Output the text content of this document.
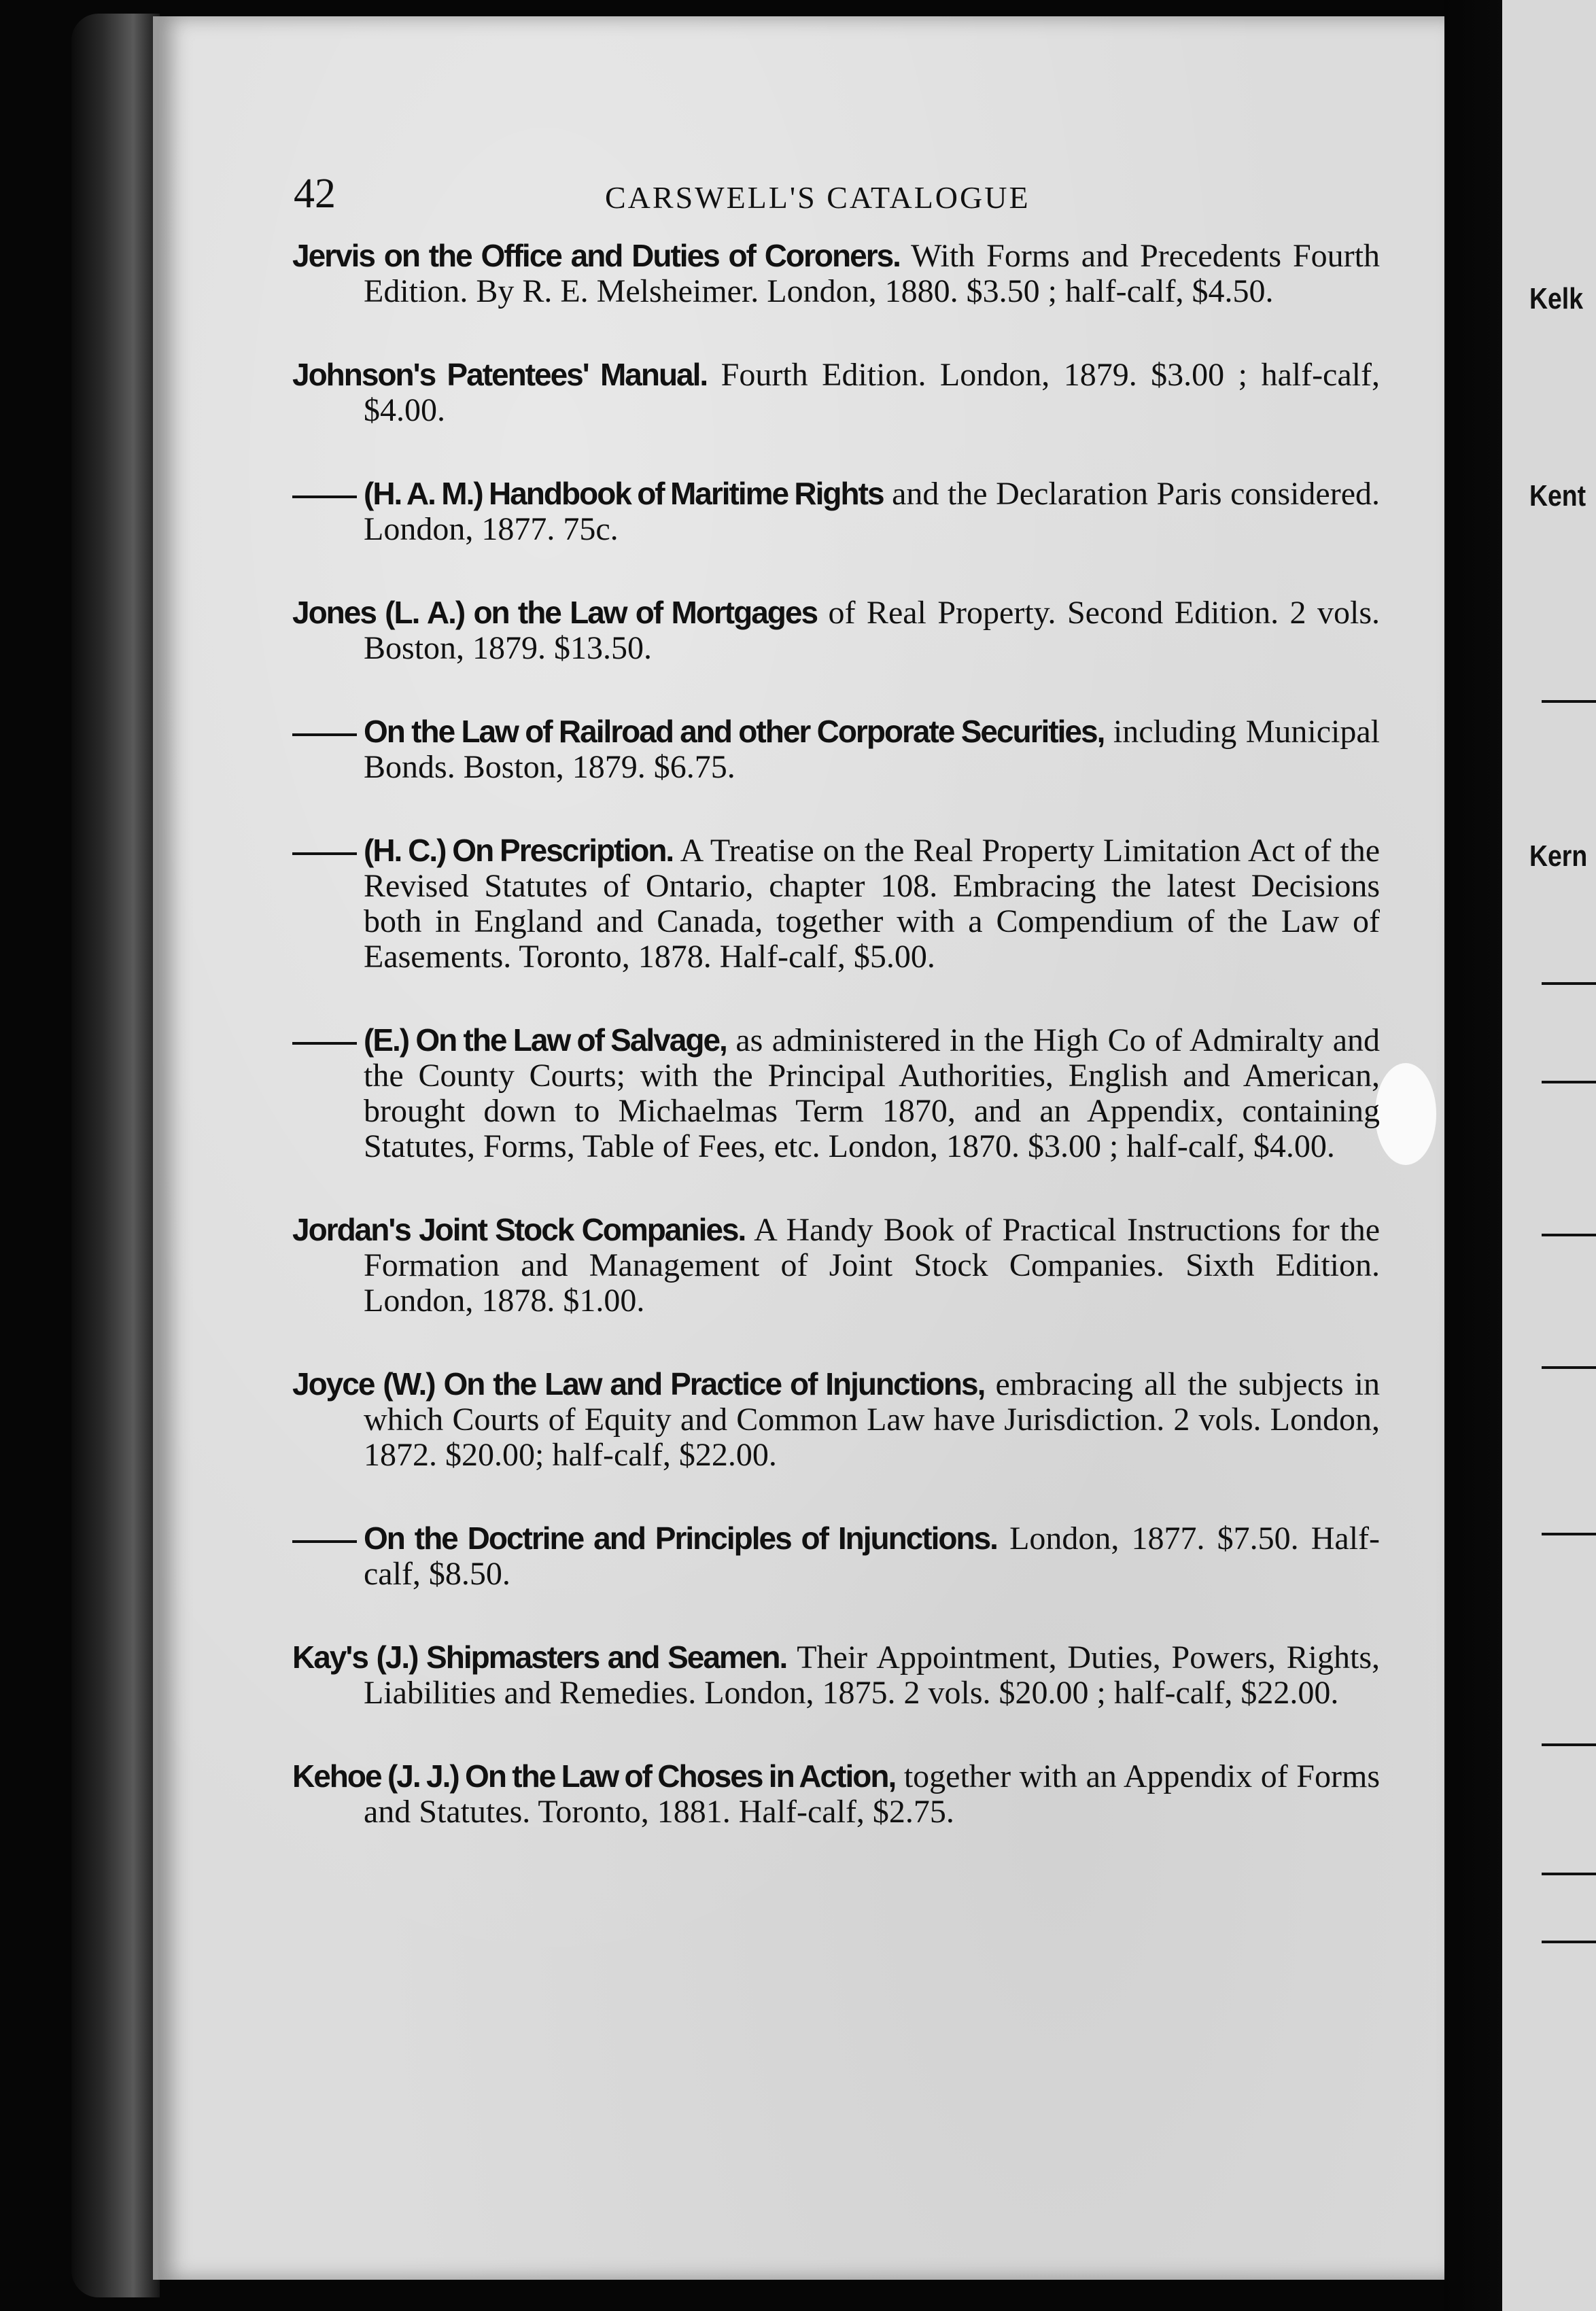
Kelk
Kent
Kern
42	CARSWELL'S CATALOGUE
Jervis on the Office and Duties of Coroners. With Forms and Precedents Fourth Edition. By R. E. Melsheimer. London, 1880. $3.50 ; half-calf, $4.50.
Johnson's Patentees' Manual. Fourth Edition. London, 1879. $3.00 ; half-calf, $4.00.
(H. A. M.) Handbook of Maritime Rights and the Declaration Paris considered. London, 1877. 75c.
Jones (L. A.) on the Law of Mortgages of Real Property. Second Edition. 2 vols. Boston, 1879. $13.50.
On the Law of Railroad and other Corporate Securities, including Municipal Bonds. Boston, 1879. $6.75.
(H. C.) On Prescription. A Treatise on the Real Property Limitation Act of the Revised Statutes of Ontario, chapter 108. Embracing the latest Decisions both in England and Canada, together with a Compendium of the Law of Easements. Toronto, 1878. Half-calf, $5.00.
(E.) On the Law of Salvage, as administered in the High Co of Admiralty and the County Courts; with the Principal Authorities, English and American, brought down to Michaelmas Term 1870, and an Appendix, containing Statutes, Forms, Table of Fees, etc. London, 1870. $3.00 ; half-calf, $4.00.
Jordan's Joint Stock Companies. A Handy Book of Practical Instructions for the Formation and Management of Joint Stock Companies. Sixth Edition. London, 1878. $1.00.
Joyce (W.) On the Law and Practice of Injunctions, embracing all the subjects in which Courts of Equity and Common Law have Jurisdiction. 2 vols. London, 1872. $20.00; half-calf, $22.00.
On the Doctrine and Principles of Injunctions. London, 1877. $7.50. Half-calf, $8.50.
Kay's (J.) Shipmasters and Seamen. Their Appointment, Duties, Powers, Rights, Liabilities and Remedies. London, 1875. 2 vols. $20.00 ; half-calf, $22.00.
Kehoe (J. J.) On the Law of Choses in Action, together with an Appendix of Forms and Statutes. Toronto, 1881. Half-calf, $2.75.
